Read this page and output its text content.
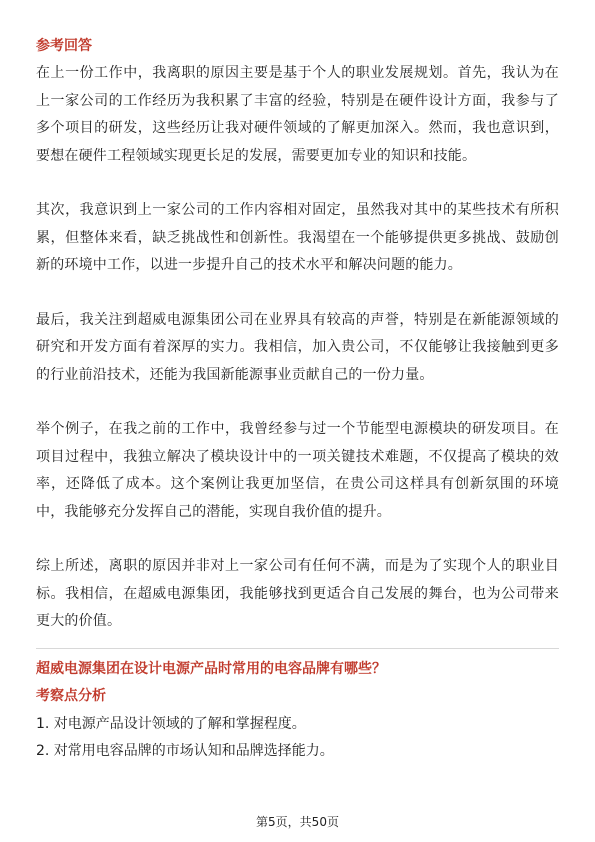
参考回答

在上一份工作中，我离职的原因主要是基于个人的职业发展规划。首先，我认为在上一家公司的工作经历为我积累了丰富的经验，特别是在硬件设计方面，我参与了多个项目的研发，这些经历让我对硬件领域的了解更加深入。然而，我也意识到，要想在硬件工程领域实现更长足的发展，需要更加专业的知识和技能。

其次，我意识到上一家公司的工作内容相对固定，虽然我对其中的某些技术有所积累，但整体来看，缺乏挑战性和创新性。我渴望在一个能够提供更多挑战、鼓励创新的环境中工作，以进一步提升自己的技术水平和解决问题的能力。

最后，我关注到超威电源集团公司在业界具有较高的声誉，特别是在新能源领域的研究和开发方面有着深厚的实力。我相信，加入贵公司，不仅能够让我接触到更多的行业前沿技术，还能为我国新能源事业贡献自己的一份力量。

举个例子，在我之前的工作中，我曾经参与过一个节能型电源模块的研发项目。在项目过程中，我独立解决了模块设计中的一项关键技术难题，不仅提高了模块的效率，还降低了成本。这个案例让我更加坚信，在贵公司这样具有创新氛围的环境中，我能够充分发挥自己的潜能，实现自我价值的提升。

综上所述，离职的原因并非对上一家公司有任何不满，而是为了实现个人的职业目标。我相信，在超威电源集团，我能够找到更适合自己发展的舞台，也为公司带来更大的价值。

超威电源集团在设计电源产品时常用的电容品牌有哪些？
考察点分析

1. 对电源产品设计领域的了解和掌握程度。

2. 对常用电容品牌的市场认知和品牌选择能力。

第5页，共50页
